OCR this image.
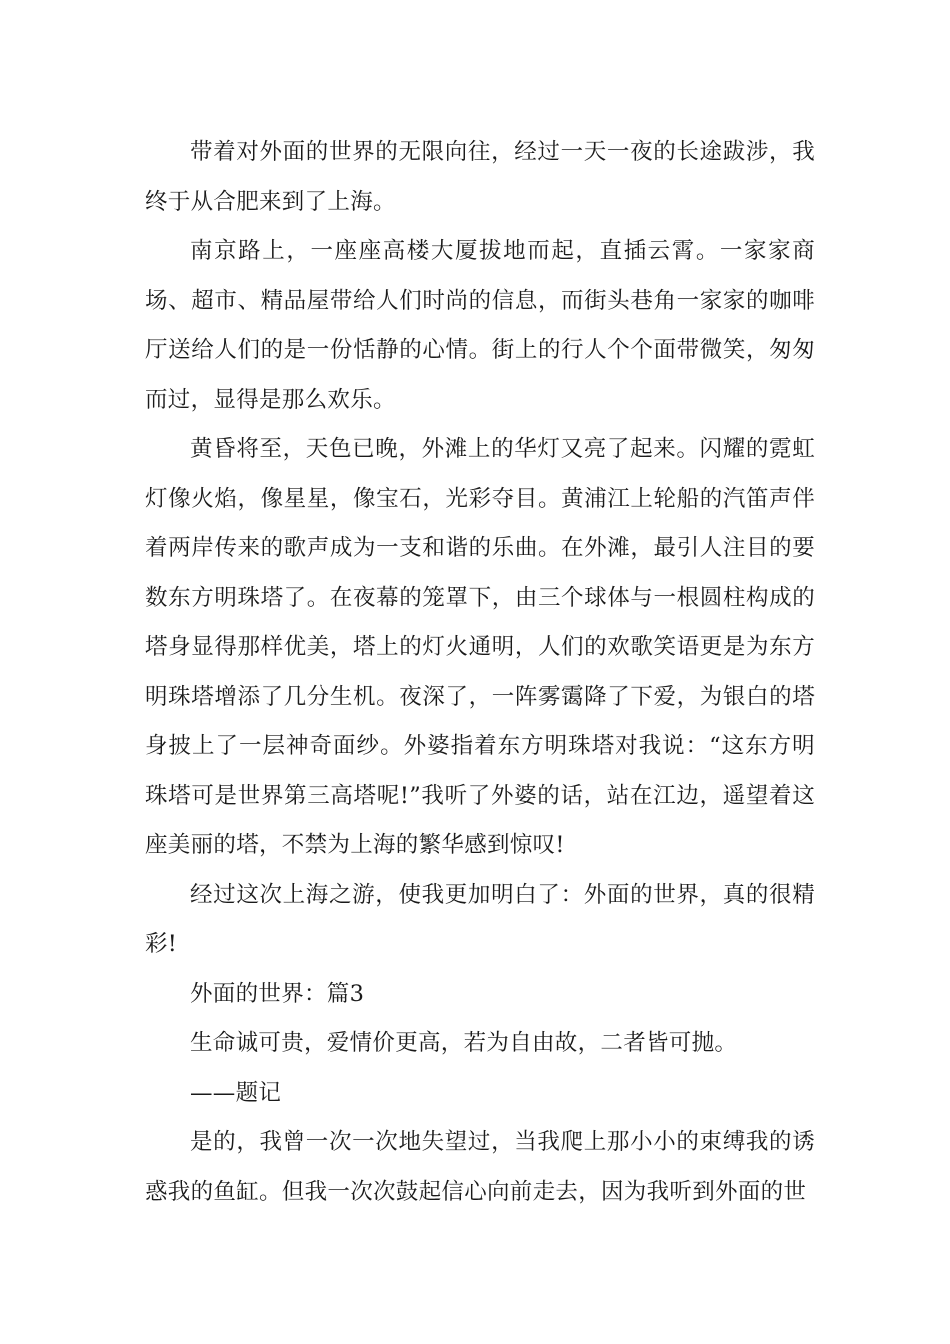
带着对外面的世界的无限向往，经过一天一夜的长途跋涉，我终于从合肥来到了上海。

南京路上，一座座高楼大厦拔地而起，直插云霄。一家家商场、超市、精品屋带给人们时尚的信息，而街头巷角一家家的咖啡厅送给人们的是一份恬静的心情。街上的行人个个面带微笑，匆匆而过，显得是那么欢乐。

黄昏将至，天色已晚，外滩上的华灯又亮了起来。闪耀的霓虹灯像火焰，像星星，像宝石，光彩夺目。黄浦江上轮船的汽笛声伴着两岸传来的歌声成为一支和谐的乐曲。在外滩，最引人注目的要数东方明珠塔了。在夜幕的笼罩下，由三个球体与一根圆柱构成的塔身显得那样优美，塔上的灯火通明，人们的欢歌笑语更是为东方明珠塔增添了几分生机。夜深了，一阵雾霭降了下爱，为银白的塔身披上了一层神奇面纱。外婆指着东方明珠塔对我说：“这东方明珠塔可是世界第三高塔呢!”我听了外婆的话，站在江边，遥望着这座美丽的塔，不禁为上海的繁华感到惊叹!

经过这次上海之游，使我更加明白了：外面的世界，真的很精彩!

外面的世界：篇3

生命诚可贵，爱情价更高，若为自由故，二者皆可抛。

——题记

是的，我曾一次一次地失望过，当我爬上那小小的束缚我的诱惑我的鱼缸。但我一次次鼓起信心向前走去，因为我听到外面的世
